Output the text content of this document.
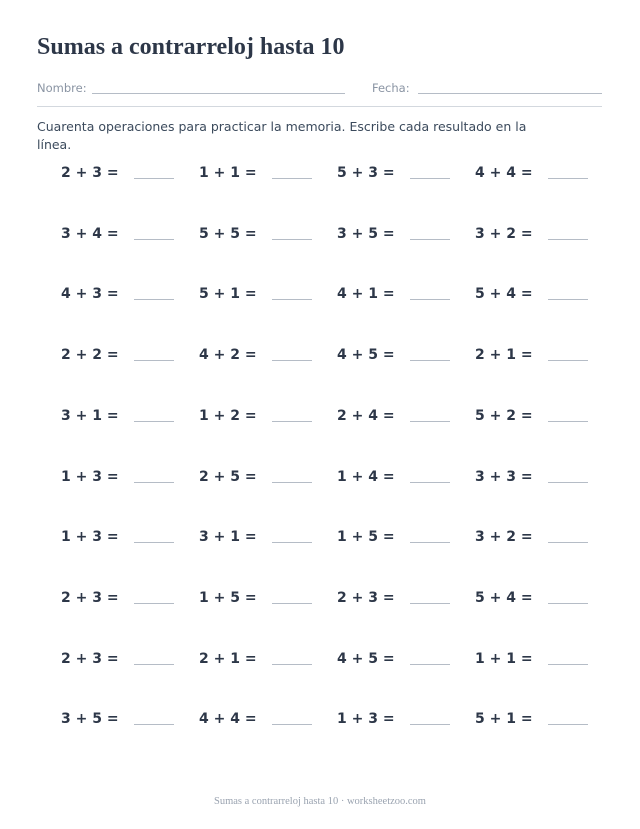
Sumas a contrarreloj hasta 10
Nombre:	Fecha:

Cuarenta operaciones para practicar la memoria. Escribe cada resultado en la línea.

2 + 3 =	1 + 1 =	5 + 3 =	4 + 4 =
3 + 4 =	5 + 5 =	3 + 5 =	3 + 2 =
4 + 3 =	5 + 1 =	4 + 1 =	5 + 4 =
2 + 2 =	4 + 2 =	4 + 5 =	2 + 1 =
3 + 1 =	1 + 2 =	2 + 4 =	5 + 2 =
1 + 3 =	2 + 5 =	1 + 4 =	3 + 3 =
1 + 3 =	3 + 1 =	1 + 5 =	3 + 2 =
2 + 3 =	1 + 5 =	2 + 3 =	5 + 4 =
2 + 3 =	2 + 1 =	4 + 5 =	1 + 1 =
3 + 5 =	4 + 4 =	1 + 3 =	5 + 1 =
Sumas a contrarreloj hasta 10 · worksheetzoo.com
